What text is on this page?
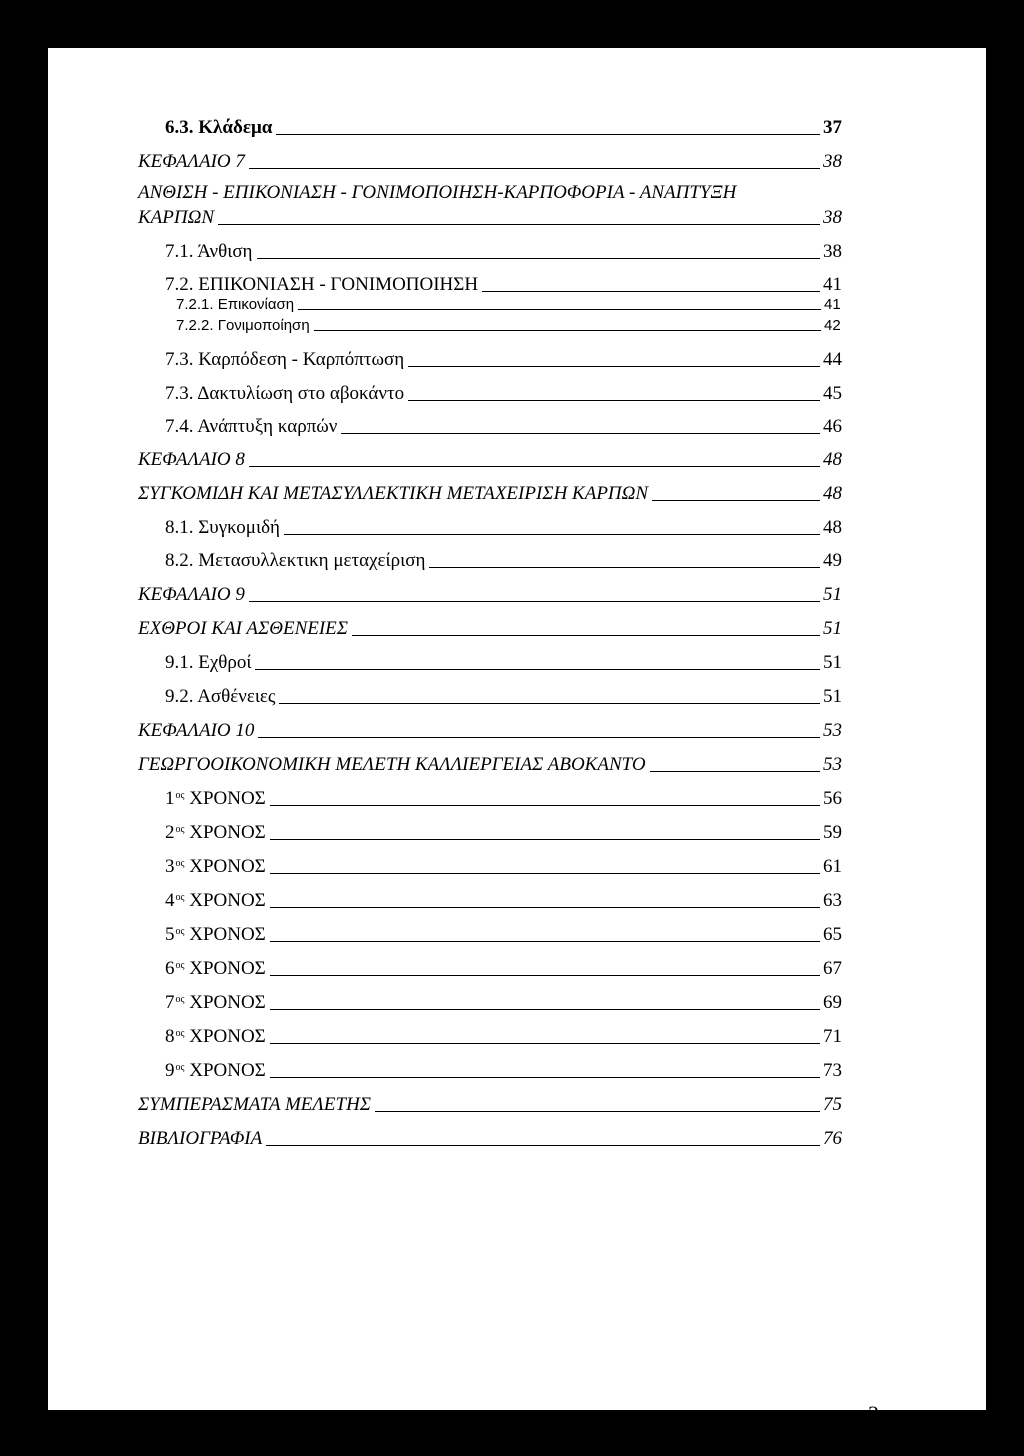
6.3. Κλάδεμα	37
ΚΕΦΑΛΑΙΟ 7	38
ΑΝΘΙΣΗ - ΕΠΙΚΟΝΙΑΣΗ - ΓΟΝΙΜΟΠΟΙΗΣΗ-ΚΑΡΠΟΦΟΡΙΑ - ΑΝΑΠΤΥΞΗ
ΚΑΡΠΩΝ	38
7.1. Άνθιση	38
7.2. ΕΠΙΚΟΝΙΑΣΗ - ΓΟΝΙΜΟΠΟΙΗΣΗ	41
7.2.1. Επικονίαση	41
7.2.2. Γονιμοποίηση	42
7.3. Καρπόδεση - Καρπόπτωση	44
7.3. Δακτυλίωση στο αβοκάντο	45
7.4. Ανάπτυξη καρπών	46
ΚΕΦΑΛΑΙΟ 8	48
ΣΥΓΚΟΜΙΔΗ ΚΑΙ ΜΕΤΑΣΥΛΛΕΚΤΙΚΗ ΜΕΤΑΧΕΙΡΙΣΗ ΚΑΡΠΩΝ	48
8.1. Συγκομιδή	48
8.2. Μετασυλλεκτικη μεταχείριση	49
ΚΕΦΑΛΑΙΟ 9	51
ΕΧΘΡΟΙ ΚΑΙ ΑΣΘΕΝΕΙΕΣ	51
9.1. Εχθροί	51
9.2. Ασθένειες	51
ΚΕΦΑΛΑΙΟ 10	53
ΓΕΩΡΓΟΟΙΚΟΝΟΜΙΚΗ ΜΕΛΕΤΗ ΚΑΛΛΙΕΡΓΕΙΑΣ ΑΒΟΚΑΝΤΟ	53
$1^{o\varsigma}$ ΧΡΟΝΟΣ	56
$2^{o\varsigma}$ ΧΡΟΝΟΣ	59
$3^{o\varsigma}$ ΧΡΟΝΟΣ	61
$4^{o\varsigma}$ ΧΡΟΝΟΣ	63
$5^{o\varsigma}$ ΧΡΟΝΟΣ	65
$6^{o\varsigma}$ ΧΡΟΝΟΣ	67
$7^{o\varsigma}$ ΧΡΟΝΟΣ	69
$8^{o\varsigma}$ ΧΡΟΝΟΣ	71
$9^{o\varsigma}$ ΧΡΟΝΟΣ	73
ΣΥΜΠΕΡΑΣΜΑΤΑ ΜΕΛΕΤΗΣ	75
ΒΙΒΛΙΟΓΡΑΦΙΑ	76
2
